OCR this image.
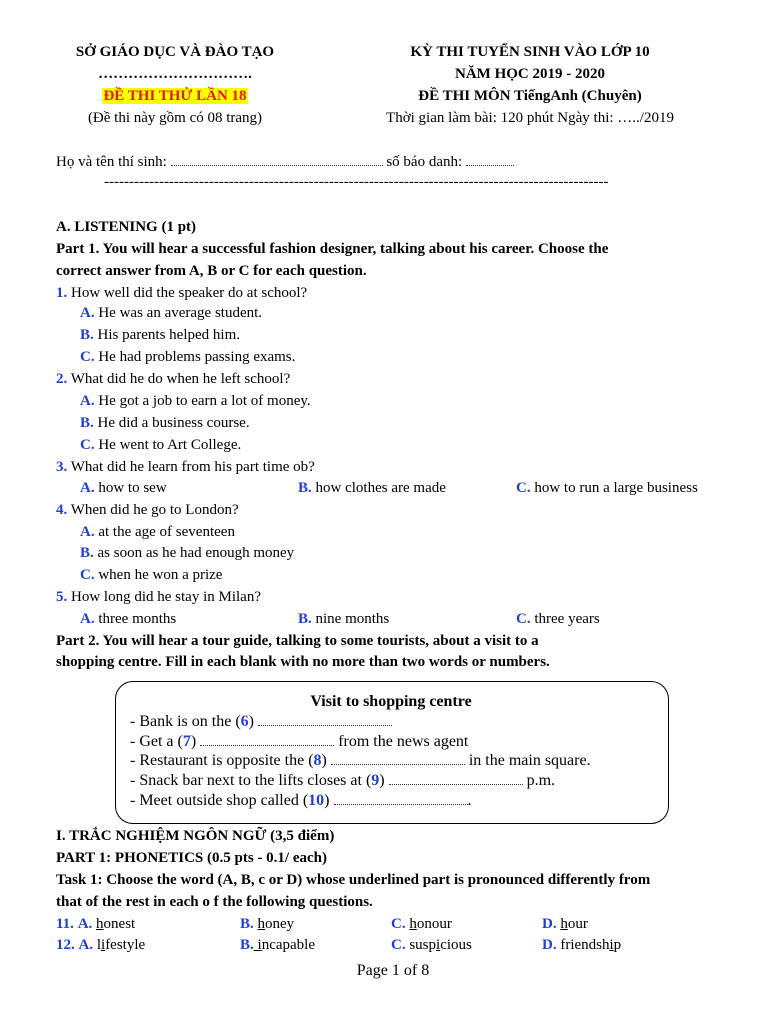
SỞ GIÁO DỤC VÀ ĐÀO TẠO
………………………….
ĐỀ THI THỬ LẦN 18
(Đề thi này gồm có 08 trang)
KỲ THI TUYỂN SINH VÀO LỚP 10
NĂM HỌC 2019 - 2020
ĐỀ THI MÔN TiếngAnh (Chuyên)
Thời gian làm bài: 120 phút Ngày thi: …../2019
Họ và tên thí sinh:	số báo danh:
-----------------------------------------------------------------------------------------------------
A. LISTENING (1 pt)
Part 1. You will hear a successful fashion designer, talking about his career. Choose the
correct answer from A, B or C for each question.
1. How well did the speaker do at school?
A. He was an average student.
B. His parents helped him.
C. He had problems passing exams.
2. What did he do when he left school?
A. He got a job to earn a lot of money.
B. He did a business course.
C. He went to Art College.
3. What did he learn from his part time ob?
A. how to sew	B. how clothes are made	C. how to run a large business
4. When did he go to London?
A. at the age of seventeen
B. as soon as he had enough money
C. when he won a prize
5. How long did he stay in Milan?
A. three months	B. nine months	C. three years
Part 2. You will hear a tour guide, talking to some tourists, about a visit to a
shopping centre. Fill in each blank with no more than two words or numbers.
Visit to shopping centre
- Bank is on the (6)
- Get a (7)	from the news agent
- Restaurant is opposite the (8)	in the main square.
- Snack bar next to the lifts closes at (9)	p.m.
- Meet outside shop called (10)	.
I. TRẮC NGHIỆM NGÔN NGỮ (3,5 điểm)
PART 1: PHONETICS (0.5 pts - 0.1/ each)
Task 1: Choose the word (A, B, c or D) whose underlined part is pronounced differently from
that of the rest in each o f the following questions.
11. A. honest	B. honey	C. honour	D. hour
12. A. lifestyle	B. incapable	C. suspicious	D. friendship
Page 1 of 8
